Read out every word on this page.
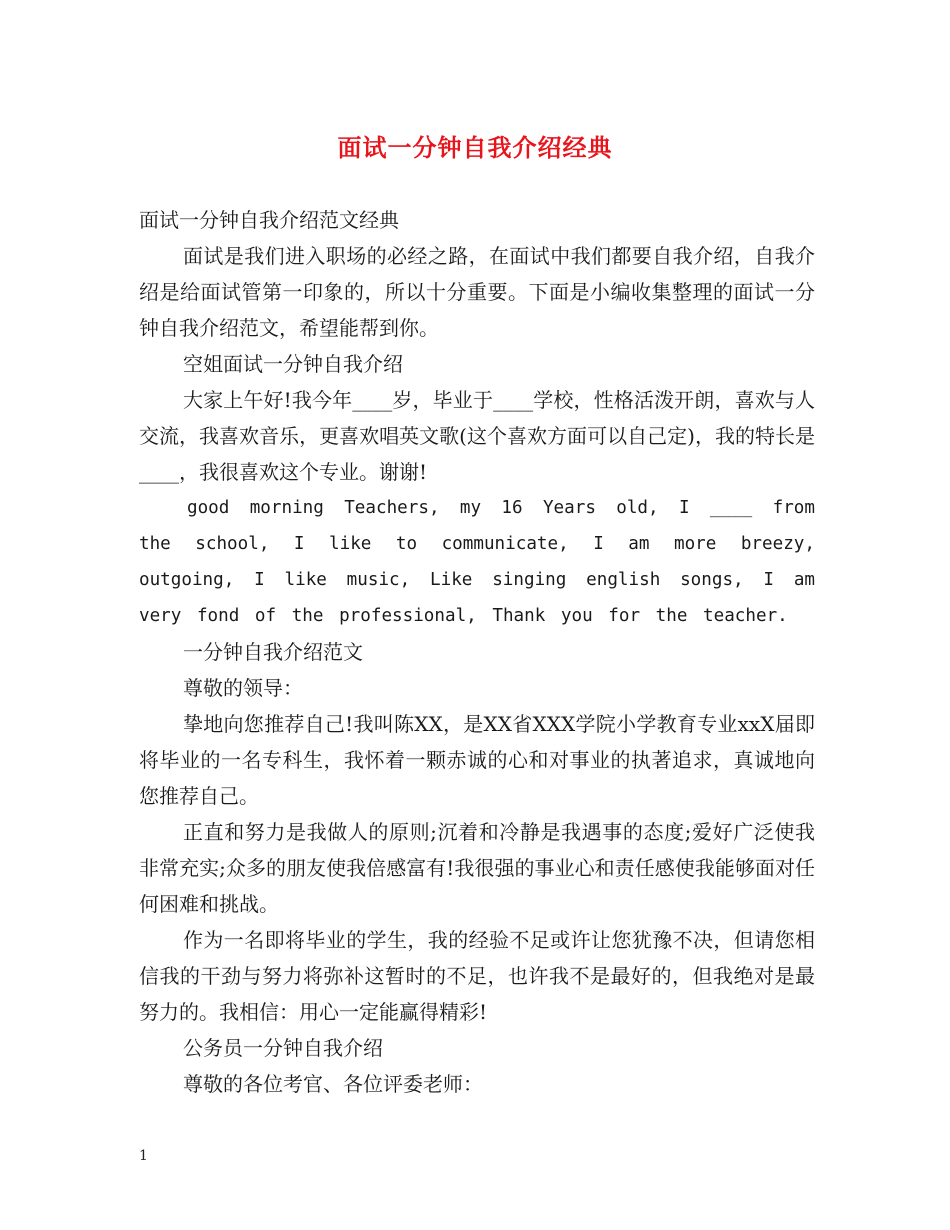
面试一分钟自我介绍经典

面试一分钟自我介绍范文经典

面试是我们进入职场的必经之路，在面试中我们都要自我介绍，自我介绍是给面试管第一印象的，所以十分重要。下面是小编收集整理的面试一分钟自我介绍范文，希望能帮到你。

空姐面试一分钟自我介绍

大家上午好!我今年____岁，毕业于____学校，性格活泼开朗，喜欢与人交流，我喜欢音乐，更喜欢唱英文歌(这个喜欢方面可以自己定)，我的特长是____，我很喜欢这个专业。谢谢!

good morning Teachers, my 16 Years old, I ____ from the school, I like to communicate, I am more breezy, outgoing, I like music, Like singing english songs, I am very fond of the professional, Thank you for the teacher.

一分钟自我介绍范文

尊敬的领导：

挚地向您推荐自己!我叫陈XX，是XX省XXX学院小学教育专业xxX届即将毕业的一名专科生，我怀着一颗赤诚的心和对事业的执著追求，真诚地向您推荐自己。

正直和努力是我做人的原则;沉着和冷静是我遇事的态度;爱好广泛使我非常充实;众多的朋友使我倍感富有!我很强的事业心和责任感使我能够面对任何困难和挑战。

作为一名即将毕业的学生，我的经验不足或许让您犹豫不决，但请您相信我的干劲与努力将弥补这暂时的不足，也许我不是最好的，但我绝对是最努力的。我相信：用心一定能赢得精彩!

公务员一分钟自我介绍

尊敬的各位考官、各位评委老师：

1
